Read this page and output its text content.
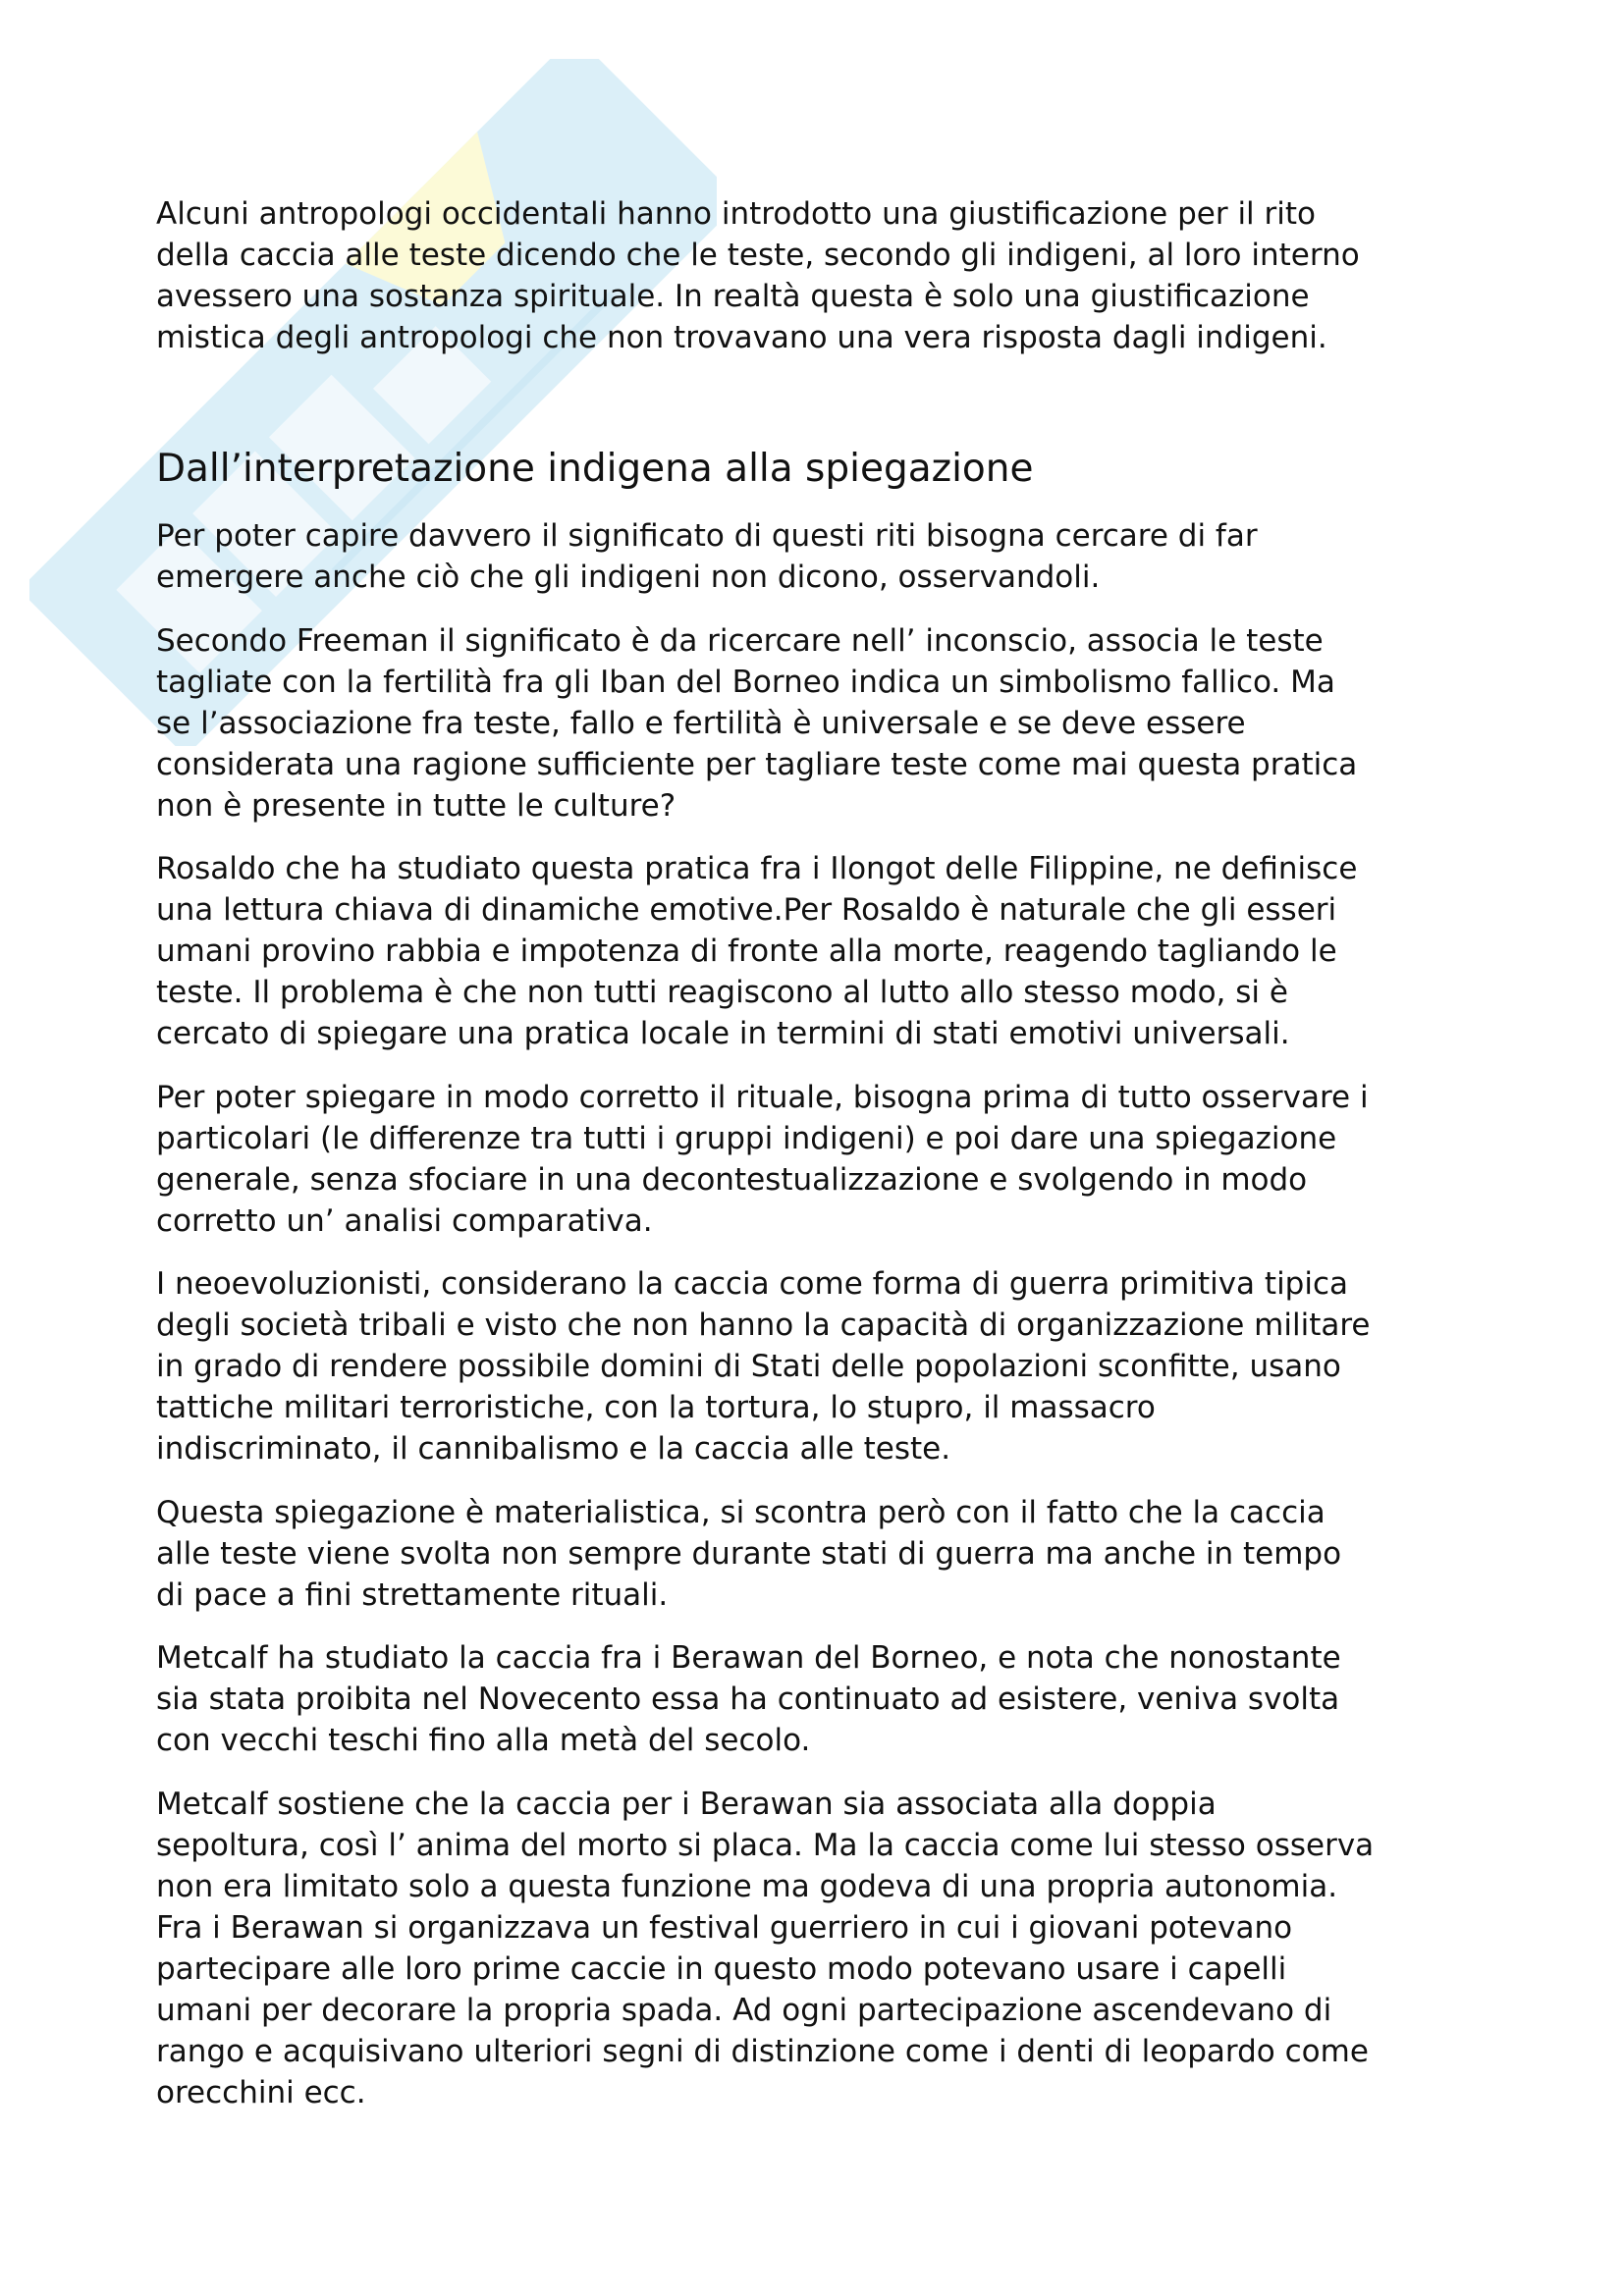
Alcuni antropologi occidentali hanno introdotto una giustificazione per il rito
della caccia alle teste dicendo che le teste, secondo gli indigeni, al loro interno
avessero una sostanza spirituale. In realtà questa è solo una giustificazione
mistica degli antropologi che non trovavano una vera risposta dagli indigeni.
Dall’interpretazione indigena alla spiegazione
Per poter capire davvero il significato di questi riti bisogna cercare di far
emergere anche ciò che gli indigeni non dicono, osservandoli.
Secondo Freeman il significato è da ricercare nell’ inconscio, associa le teste
tagliate con la fertilità fra gli Iban del Borneo indica un simbolismo fallico. Ma
se l’associazione fra teste, fallo e fertilità è universale e se deve essere
considerata una ragione sufficiente per tagliare teste come mai questa pratica
non è presente in tutte le culture?
Rosaldo che ha studiato questa pratica fra i Ilongot delle Filippine, ne definisce
una lettura chiava di dinamiche emotive.Per Rosaldo è naturale che gli esseri
umani provino rabbia e impotenza di fronte alla morte, reagendo tagliando le
teste. Il problema è che non tutti reagiscono al lutto allo stesso modo, si è
cercato di spiegare una pratica locale in termini di stati emotivi universali.
Per poter spiegare in modo corretto il rituale, bisogna prima di tutto osservare i
particolari (le differenze tra tutti i gruppi indigeni) e poi dare una spiegazione
generale, senza sfociare in una decontestualizzazione e svolgendo in modo
corretto un’ analisi comparativa.
I neoevoluzionisti, considerano la caccia come forma di guerra primitiva tipica
degli società tribali e visto che non hanno la capacità di organizzazione militare
in grado di rendere possibile domini di Stati delle popolazioni sconfitte, usano
tattiche militari terroristiche, con la tortura, lo stupro, il massacro
indiscriminato, il cannibalismo e la caccia alle teste.
Questa spiegazione è materialistica, si scontra però con il fatto che la caccia
alle teste viene svolta non sempre durante stati di guerra ma anche in tempo
di pace a fini strettamente rituali.
Metcalf ha studiato la caccia fra i Berawan del Borneo, e nota che nonostante
sia stata proibita nel Novecento essa ha continuato ad esistere, veniva svolta
con vecchi teschi fino alla metà del secolo.
Metcalf sostiene che la caccia per i Berawan sia associata alla doppia
sepoltura, così l’ anima del morto si placa. Ma la caccia come lui stesso osserva
non era limitato solo a questa funzione ma godeva di una propria autonomia.
Fra i Berawan si organizzava un festival guerriero in cui i giovani potevano
partecipare alle loro prime caccie in questo modo potevano usare i capelli
umani per decorare la propria spada. Ad ogni partecipazione ascendevano di
rango e acquisivano ulteriori segni di distinzione come i denti di leopardo come
orecchini ecc.
